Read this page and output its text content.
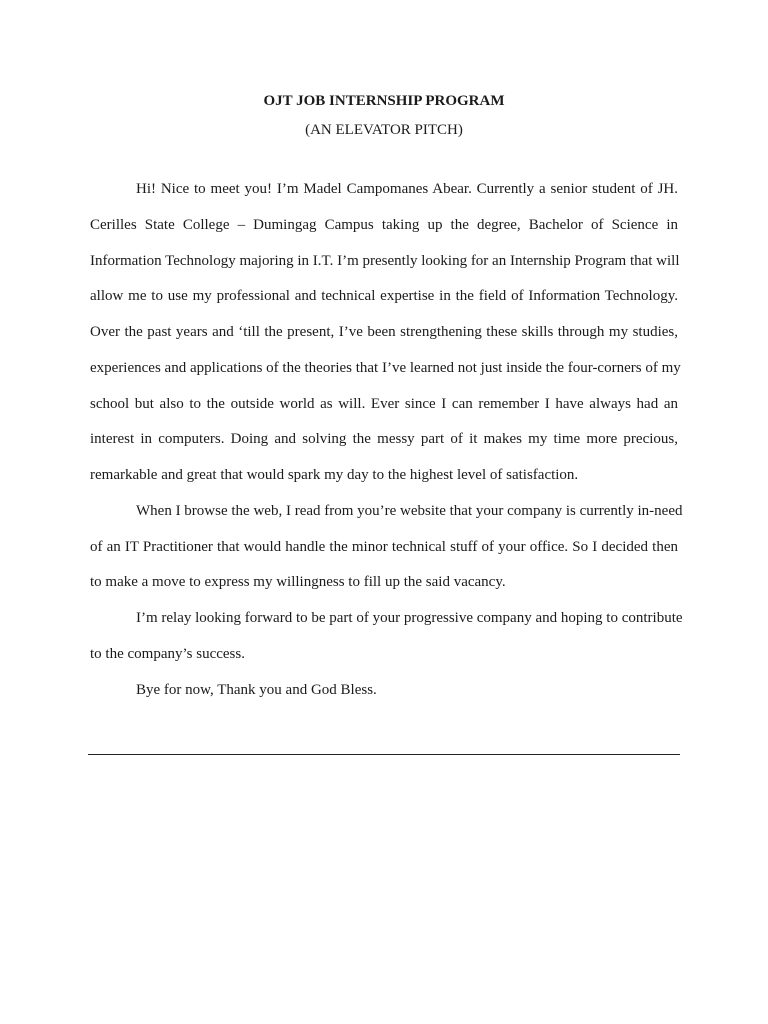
OJT JOB INTERNSHIP PROGRAM
(AN ELEVATOR PITCH)
Hi! Nice to meet you! I’m Madel Campomanes Abear. Currently a senior student of JH.
Cerilles State College – Dumingag Campus taking up the degree, Bachelor of Science in
Information Technology majoring in I.T. I’m presently looking for an Internship Program that will
allow me to use my professional and technical expertise in the field of Information Technology.
Over the past years and ‘till the present, I’ve been strengthening these skills through my studies,
experiences and applications of the theories that I’ve learned not just inside the four-corners of my
school but also to the outside world as will. Ever since I can remember I have always had an
interest in computers. Doing and solving the messy part of it makes my time more precious,
remarkable and great that would spark my day to the highest level of satisfaction.
When I browse the web, I read from you’re website that your company is currently in-need
of an IT Practitioner that would handle the minor technical stuff of your office. So I decided then
to make a move to express my willingness to fill up the said vacancy.
I’m relay looking forward to be part of your progressive company and hoping to contribute
to the company’s success.
Bye for now, Thank you and God Bless.
